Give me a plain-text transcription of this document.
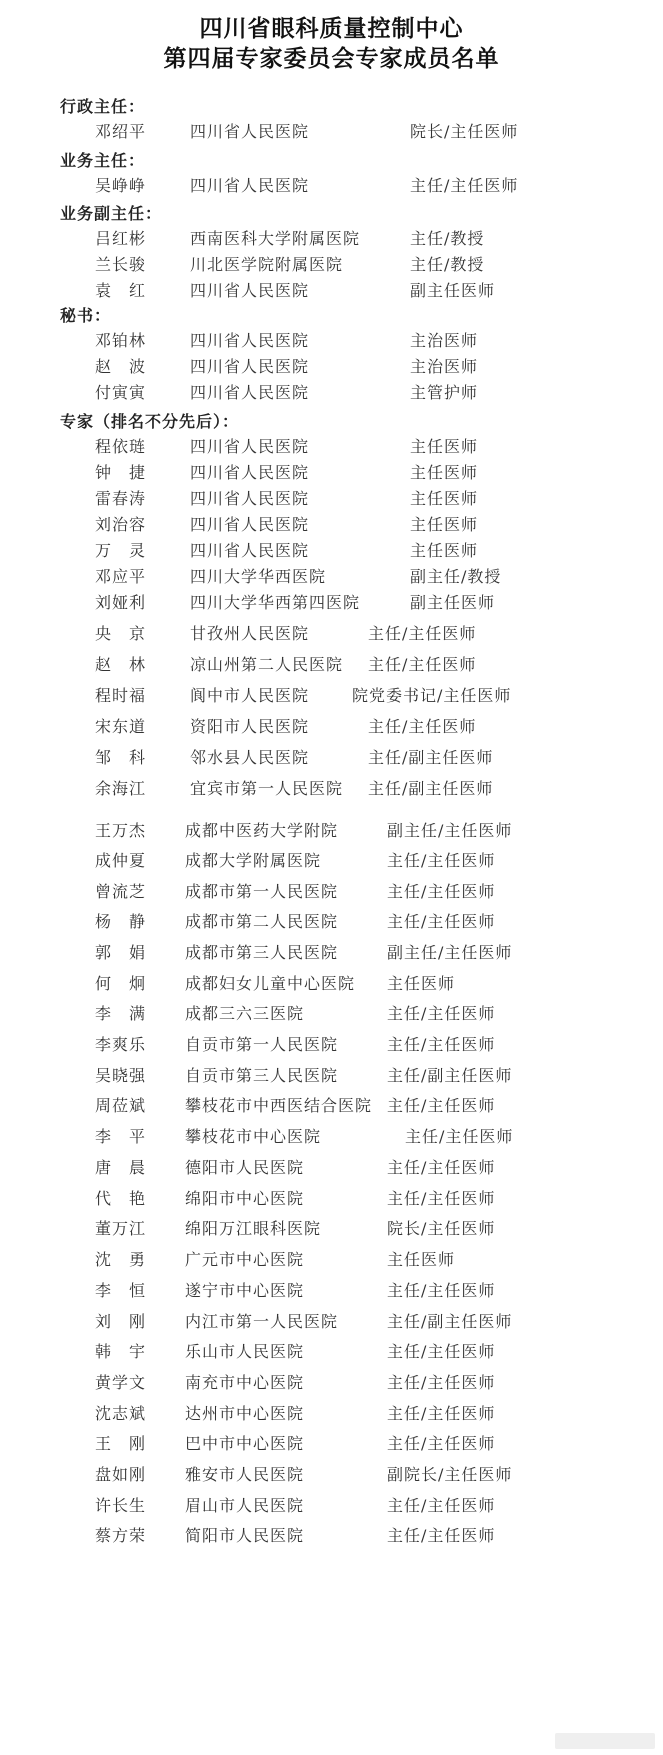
四川省眼科质量控制中心
第四届专家委员会专家成员名单
行政主任：
邓绍平	四川省人民医院	院长/主任医师
业务主任：
吴峥峥	四川省人民医院	主任/主任医师
业务副主任：
吕红彬	西南医科大学附属医院	主任/教授
兰长骏	川北医学院附属医院	主任/教授
袁　红	四川省人民医院	副主任医师
秘书：
邓铂林	四川省人民医院	主治医师
赵　波	四川省人民医院	主治医师
付寅寅	四川省人民医院	主管护师
专家（排名不分先后）：
程依琏	四川省人民医院	主任医师
钟　捷	四川省人民医院	主任医师
雷春涛	四川省人民医院	主任医师
刘治容	四川省人民医院	主任医师
万　灵	四川省人民医院	主任医师
邓应平	四川大学华西医院	副主任/教授
刘娅利	四川大学华西第四医院	副主任医师
央　京	甘孜州人民医院	主任/主任医师
赵　林	凉山州第二人民医院 主任/主任医师
程时福	阆中市人民医院	院党委书记/主任医师
宋东道	资阳市人民医院	主任/主任医师
邹　科	邻水县人民医院	主任/副主任医师
余海江	宜宾市第一人民医院 主任/副主任医师
王万杰 成都中医药大学附院	副主任/主任医师
成仲夏 成都大学附属医院	主任/主任医师
曾流芝 成都市第一人民医院	主任/主任医师
杨　静 成都市第二人民医院	主任/主任医师
郭　娟 成都市第三人民医院	副主任/主任医师
何　炯 成都妇女儿童中心医院 主任医师
李　满 成都三六三医院	主任/主任医师
李爽乐 自贡市第一人民医院	主任/主任医师
吴晓强 自贡市第三人民医院	主任/副主任医师
周莅斌 攀枝花市中西医结合医院 主任/主任医师
李　平 攀枝花市中心医院	主任/主任医师
唐　晨 德阳市人民医院	主任/主任医师
代　艳 绵阳市中心医院	主任/主任医师
董万江 绵阳万江眼科医院	院长/主任医师
沈　勇 广元市中心医院	主任医师
李　恒 遂宁市中心医院	主任/主任医师
刘　刚 内江市第一人民医院	主任/副主任医师
韩　宇 乐山市人民医院	主任/主任医师
黄学文 南充市中心医院	主任/主任医师
沈志斌 达州市中心医院	主任/主任医师
王　刚 巴中市中心医院	主任/主任医师
盘如刚 雅安市人民医院	副院长/主任医师
许长生 眉山市人民医院	主任/主任医师
蔡方荣 简阳市人民医院	主任/主任医师
